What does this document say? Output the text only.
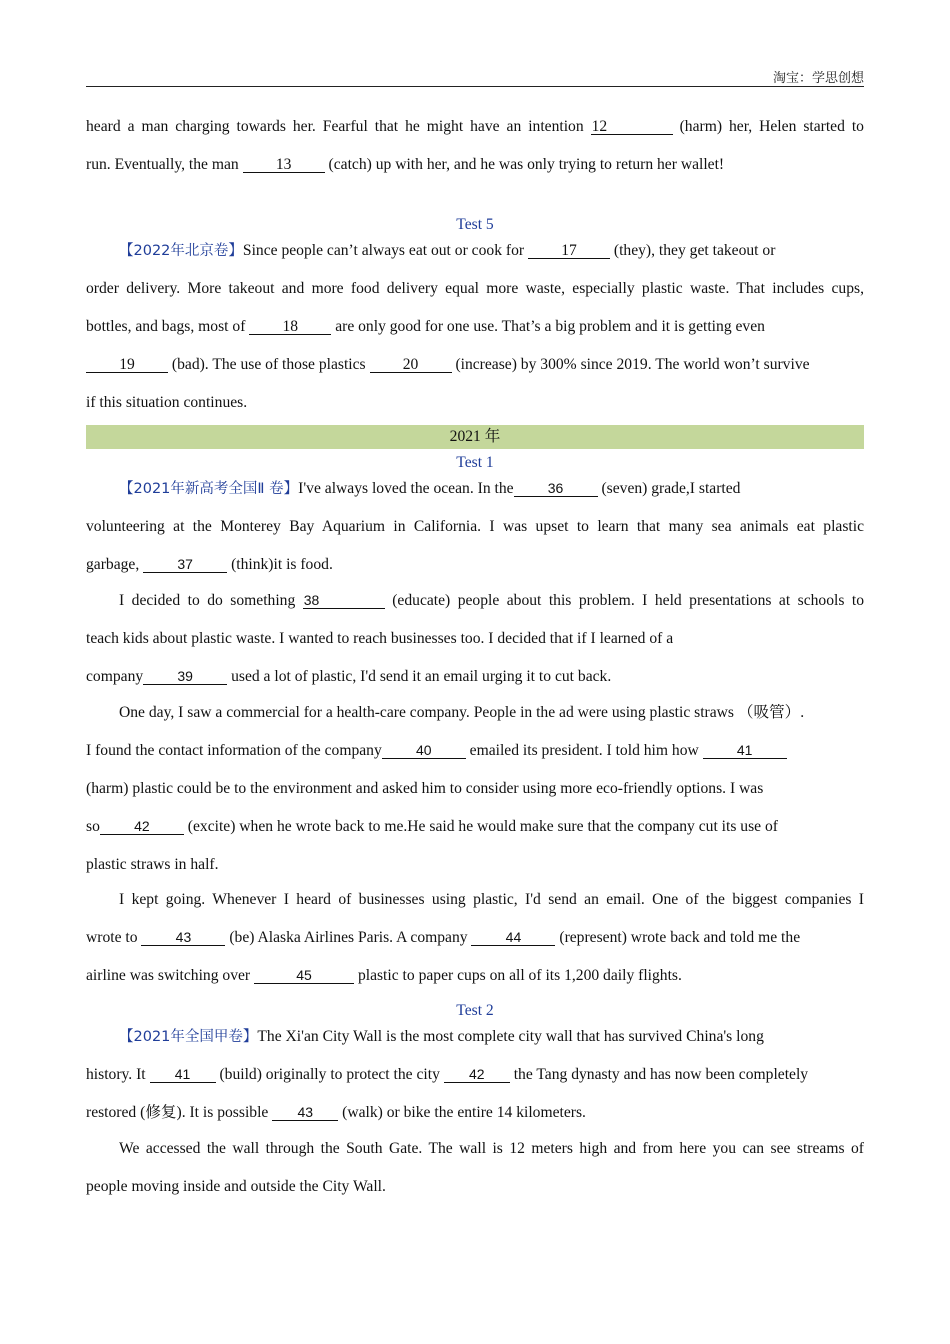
淘宝：学思创想
heard a man charging towards her. Fearful that he might have an intention 12	(harm) her, Helen started to
run. Eventually, the man 13 (catch) up with her, and he was only trying to return her wallet!
Test 5
【2022年北京卷】Since people can’t always eat out or cook for 17 (they), they get takeout or
order delivery. More takeout and more food delivery equal more waste, especially plastic waste. That includes cups,
bottles, and bags, most of 18 are only good for one use. That’s a big problem and it is getting even
19 (bad). The use of those plastics 20 (increase) by 300% since 2019. The world won’t survive
if this situation continues.
2021 年
Test 1
【2021年新高考全国Ⅱ 卷】I've always loved the ocean. In the 36 (seven) grade,I started
volunteering at the Monterey Bay Aquarium in California. I was upset to learn that many sea animals eat plastic
garbage,	37 (think)it is food.
I decided to do something 38	(educate) people about this problem. I held presentations at schools to
teach kids about plastic waste. I wanted to reach businesses too. I decided that if I learned of a
company 39 used a lot of plastic, I'd send it an email urging it to cut back.
One day, I saw a commercial for a health-care company. People in the ad were using plastic straws （吸管）.
I found the contact information of the company 40 emailed its president. I told him how	41
(harm) plastic could be to the environment and asked him to consider using more eco-friendly options. I was
so 42 (excite) when he wrote back to me.He said he would make sure that the company cut its use of
plastic straws in half.
I kept going. Whenever I heard of businesses using plastic, I'd send an email. One of the biggest companies I
wrote to	43 (be) Alaska Airlines Paris. A company	44 (represent) wrote back and told me the
airline was switching over	45	plastic to paper cups on all of its 1,200 daily flights.
Test 2
【2021年全国甲卷】The Xi'an City Wall is the most complete city wall that has survived China's long
history. It 41 (build) originally to protect the city 42 the Tang dynasty and has now been completely
restored (修复). It is possible 43 (walk) or bike the entire 14 kilometers.
We accessed the wall through the South Gate. The wall is 12 meters high and from here you can see streams of
people moving inside and outside the City Wall.
